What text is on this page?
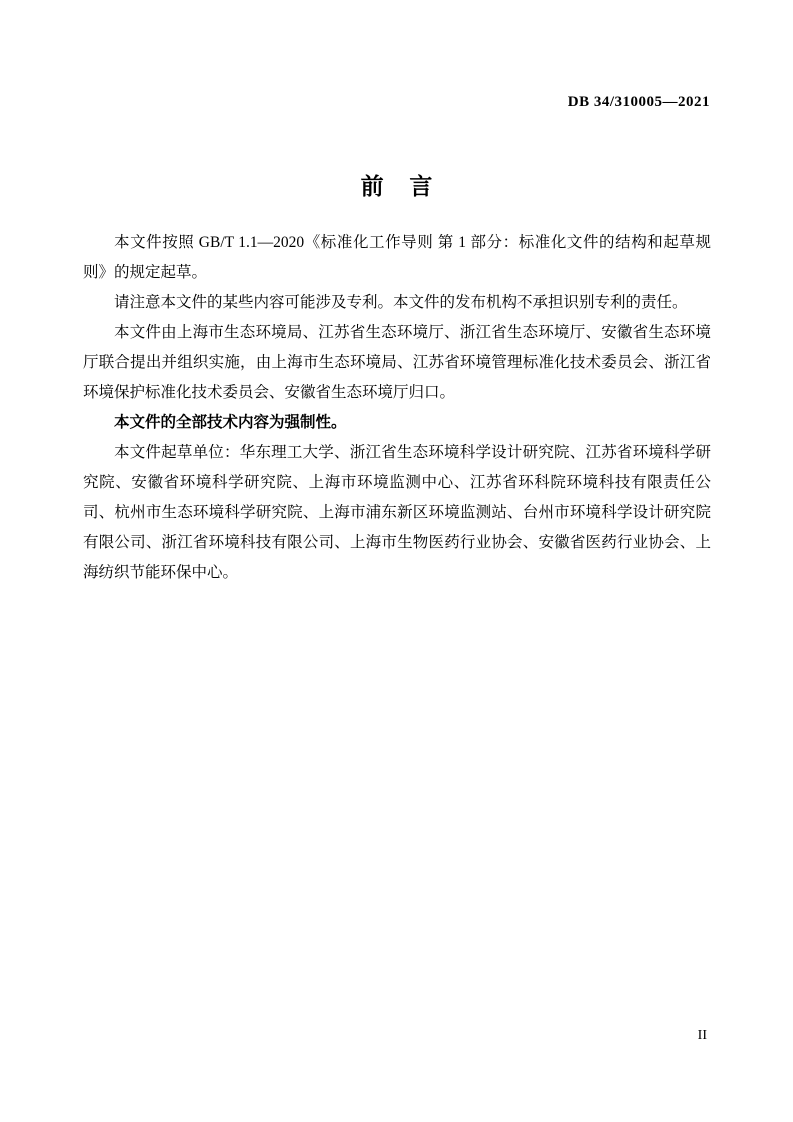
DB 34/310005—2021
前 言

本文件按照 GB/T 1.1—2020《标准化工作导则 第 1 部分：标准化文件的结构和起草规则》的规定起草。

请注意本文件的某些内容可能涉及专利。本文件的发布机构不承担识别专利的责任。

本文件由上海市生态环境局、江苏省生态环境厅、浙江省生态环境厅、安徽省生态环境厅联合提出并组织实施，由上海市生态环境局、江苏省环境管理标准化技术委员会、浙江省环境保护标准化技术委员会、安徽省生态环境厅归口。

本文件的全部技术内容为强制性。

本文件起草单位：华东理工大学、浙江省生态环境科学设计研究院、江苏省环境科学研究院、安徽省环境科学研究院、上海市环境监测中心、江苏省环科院环境科技有限责任公司、杭州市生态环境科学研究院、上海市浦东新区环境监测站、台州市环境科学设计研究院有限公司、浙江省环境科技有限公司、上海市生物医药行业协会、安徽省医药行业协会、上海纺织节能环保中心。

II
